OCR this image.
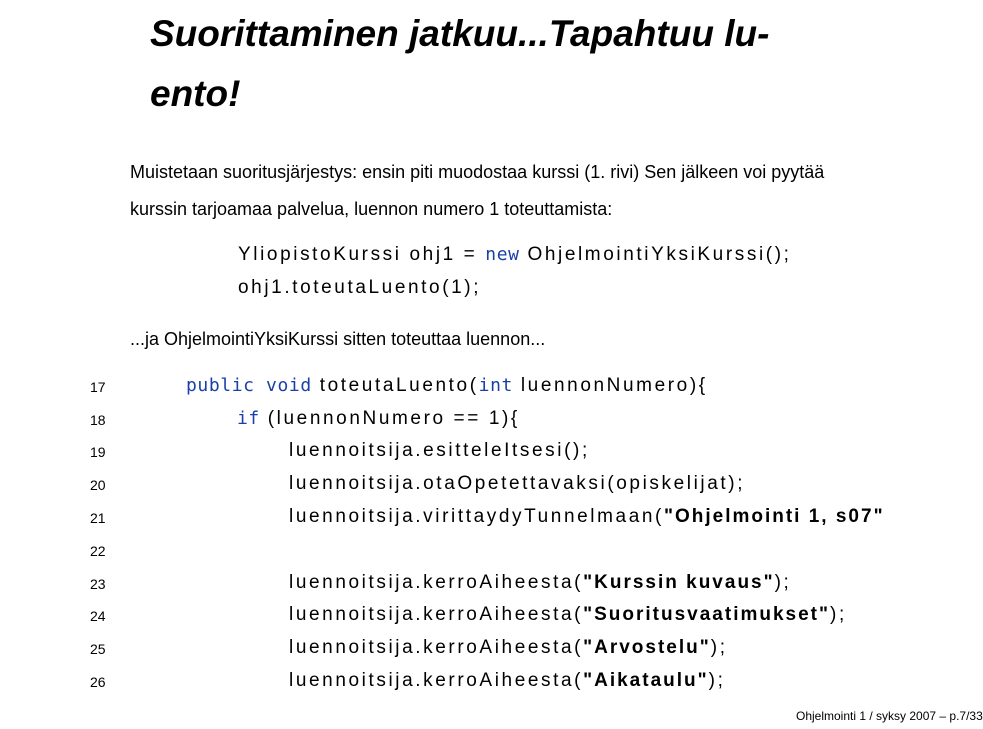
Suorittaminen jatkuu...Tapahtuu lu-
ento!
Muistetaan suoritusjärjestys: ensin piti muodostaa kurssi (1. rivi) Sen jälkeen voi pyytää
kurssin tarjoamaa palvelua, luennon numero 1 toteuttamista:
YliopistoKurssi ohj1 = new OhjelmointiYksiKurssi();
ohj1.toteutaLuento(1);
...ja OhjelmointiYksiKurssi sitten toteuttaa luennon...
17
18
19
20
21
22
23
24
25
26
public void toteutaLuento(int luennonNumero){
if (luennonNumero == 1){
luennoitsija.esitteleItsesi();
luennoitsija.otaOpetettavaksi(opiskelijat);
luennoitsija.virittaydyTunnelmaan("Ohjelmointi 1, s07"
luennoitsija.kerroAiheesta("Kurssin kuvaus");
luennoitsija.kerroAiheesta("Suoritusvaatimukset");
luennoitsija.kerroAiheesta("Arvostelu");
luennoitsija.kerroAiheesta("Aikataulu");
Ohjelmointi 1 / syksy 2007 – p.7/33
